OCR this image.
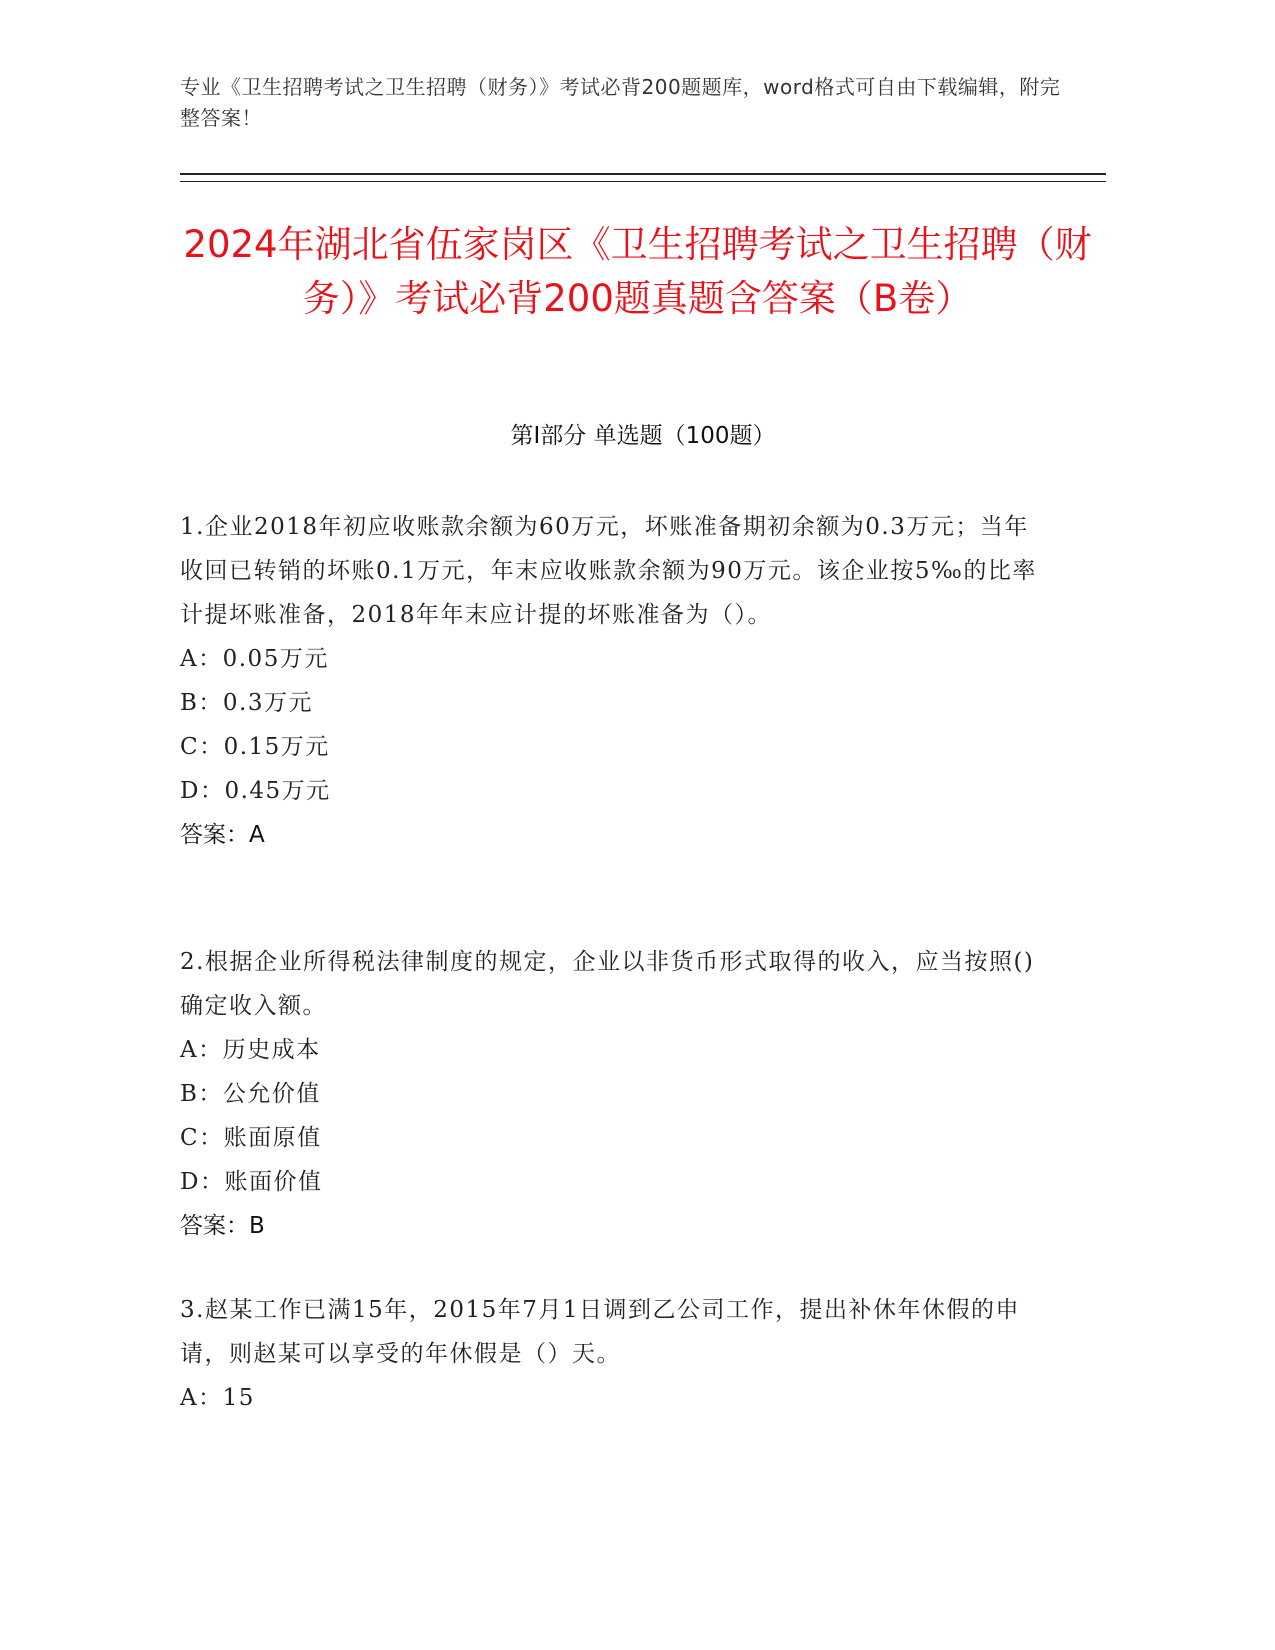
专业《卫生招聘考试之卫生招聘（财务）》考试必背200题题库，word格式可自由下载编辑，附完整答案！
2024年湖北省伍家岗区《卫生招聘考试之卫生招聘（财务）》考试必背200题真题含答案（B卷）
第I部分 单选题（100题）

1.企业2018年初应收账款余额为60万元，坏账准备期初余额为0.3万元；当年收回已转销的坏账0.1万元，年末应收账款余额为90万元。该企业按5‰的比率计提坏账准备，2018年年末应计提的坏账准备为（）。

A：0.05万元

B：0.3万元

C：0.15万元

D：0.45万元

答案：A

2.根据企业所得税法律制度的规定，企业以非货币形式取得的收入，应当按照()确定收入额。

A：历史成本

B：公允价值

C：账面原值

D：账面价值

答案：B

3.赵某工作已满15年，2015年7月1日调到乙公司工作，提出补休年休假的申请，则赵某可以享受的年休假是（）天。

A：15
